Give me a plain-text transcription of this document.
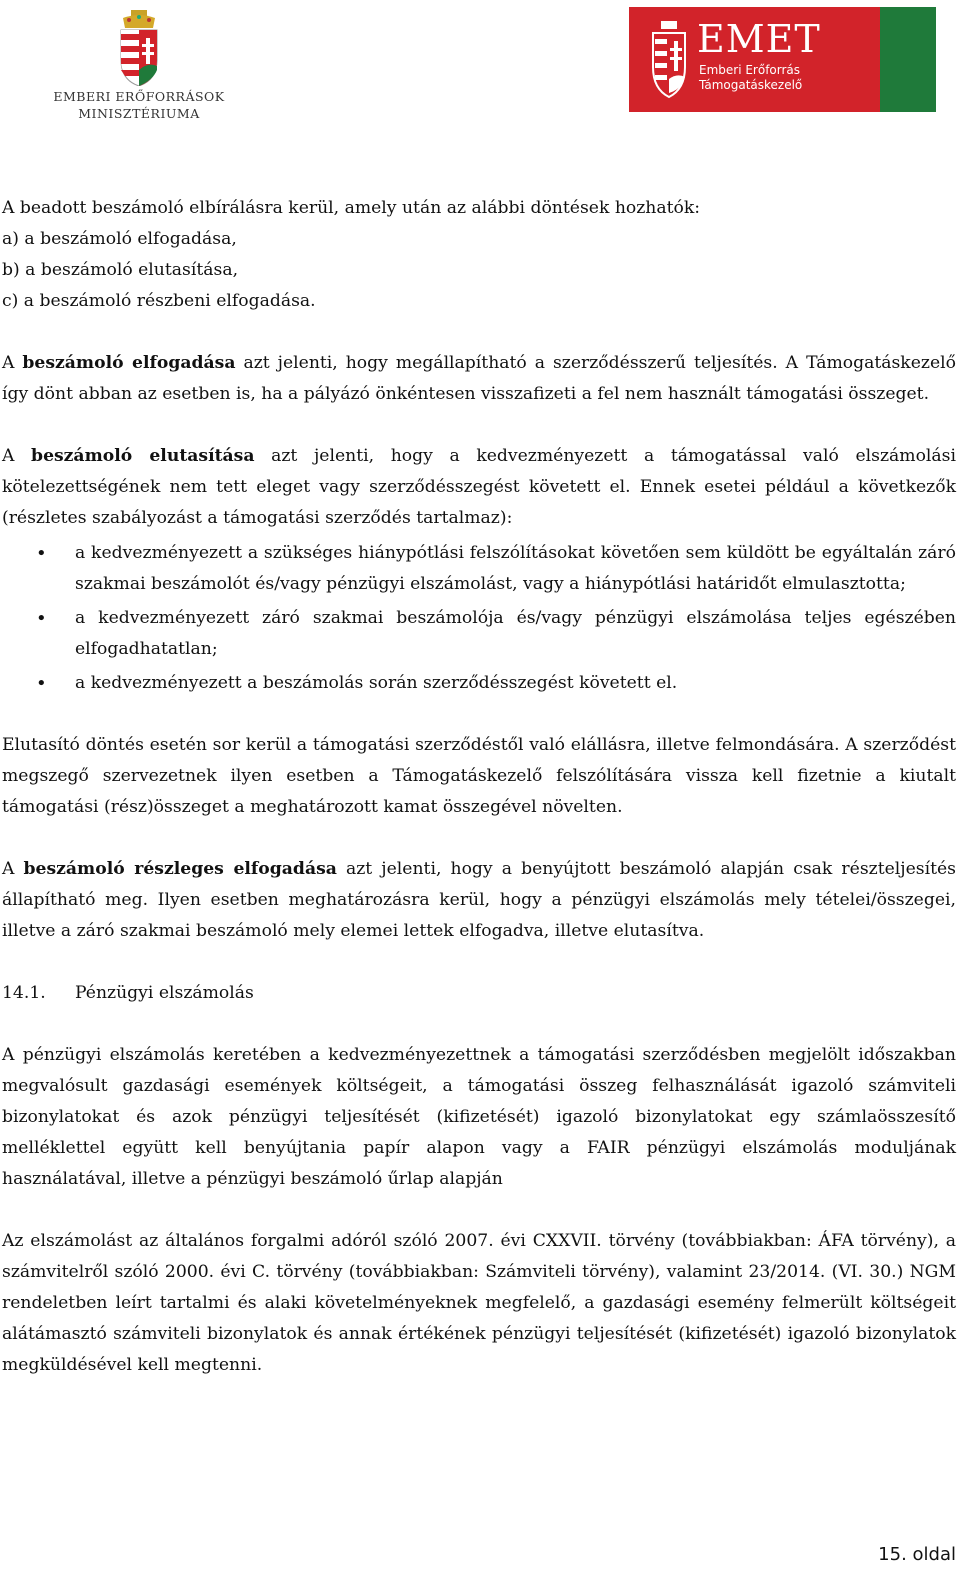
EMBERI ERŐFORRÁSOK
MINISZTÉRIUMA
EMET
Emberi Erőforrás
Támogatáskezelő

A beadott beszámoló elbírálásra kerül, amely után az alábbi döntések hozhatók:
a) a beszámoló elfogadása,
b) a beszámoló elutasítása,
c) a beszámoló részbeni elfogadása.

A beszámoló elfogadása azt jelenti, hogy megállapítható a szerződésszerű teljesítés. A Támogatáskezelő így dönt abban az esetben is, ha a pályázó önkéntesen visszafizeti a fel nem használt támogatási összeget.

A beszámoló elutasítása azt jelenti, hogy a kedvezményezett a támogatással való elszámolási kötelezettségének nem tett eleget vagy szerződésszegést követett el. Ennek esetei például a következők (részletes szabályozást a támogatási szerződés tartalmaz):

• a kedvezményezett a szükséges hiánypótlási felszólításokat követően sem küldött be egyáltalán záró szakmai beszámolót és/vagy pénzügyi elszámolást, vagy a hiánypótlási határidőt elmulasztotta;
• a kedvezményezett záró szakmai beszámolója és/vagy pénzügyi elszámolása teljes egészében elfogadhatatlan;
• a kedvezményezett a beszámolás során szerződésszegést követett el.

Elutasító döntés esetén sor kerül a támogatási szerződéstől való elállásra, illetve felmondására. A szerződést megszegő szervezetnek ilyen esetben a Támogatáskezelő felszólítására vissza kell fizetnie a kiutalt támogatási (rész)összeget a meghatározott kamat összegével növelten.

A beszámoló részleges elfogadása azt jelenti, hogy a benyújtott beszámoló alapján csak részteljesítés állapítható meg. Ilyen esetben meghatározásra kerül, hogy a pénzügyi elszámolás mely tételei/összegei, illetve a záró szakmai beszámoló mely elemei lettek elfogadva, illetve elutasítva.

14.1. Pénzügyi elszámolás

A pénzügyi elszámolás keretében a kedvezményezettnek a támogatási szerződésben megjelölt időszakban megvalósult gazdasági események költségeit, a támogatási összeg felhasználását igazoló számviteli bizonylatokat és azok pénzügyi teljesítését (kifizetését) igazoló bizonylatokat egy számlaösszesítő melléklettel együtt kell benyújtania papír alapon vagy a FAIR pénzügyi elszámolás moduljának használatával, illetve a pénzügyi beszámoló űrlap alapján

Az elszámolást az általános forgalmi adóról szóló 2007. évi CXXVII. törvény (továbbiakban: ÁFA törvény), a számvitelről szóló 2000. évi C. törvény (továbbiakban: Számviteli törvény), valamint 23/2014. (VI. 30.) NGM rendeletben leírt tartalmi és alaki követelményeknek megfelelő, a gazdasági esemény felmerült költségeit alátámasztó számviteli bizonylatok és annak értékének pénzügyi teljesítését (kifizetését) igazoló bizonylatok megküldésével kell megtenni.

15. oldal
